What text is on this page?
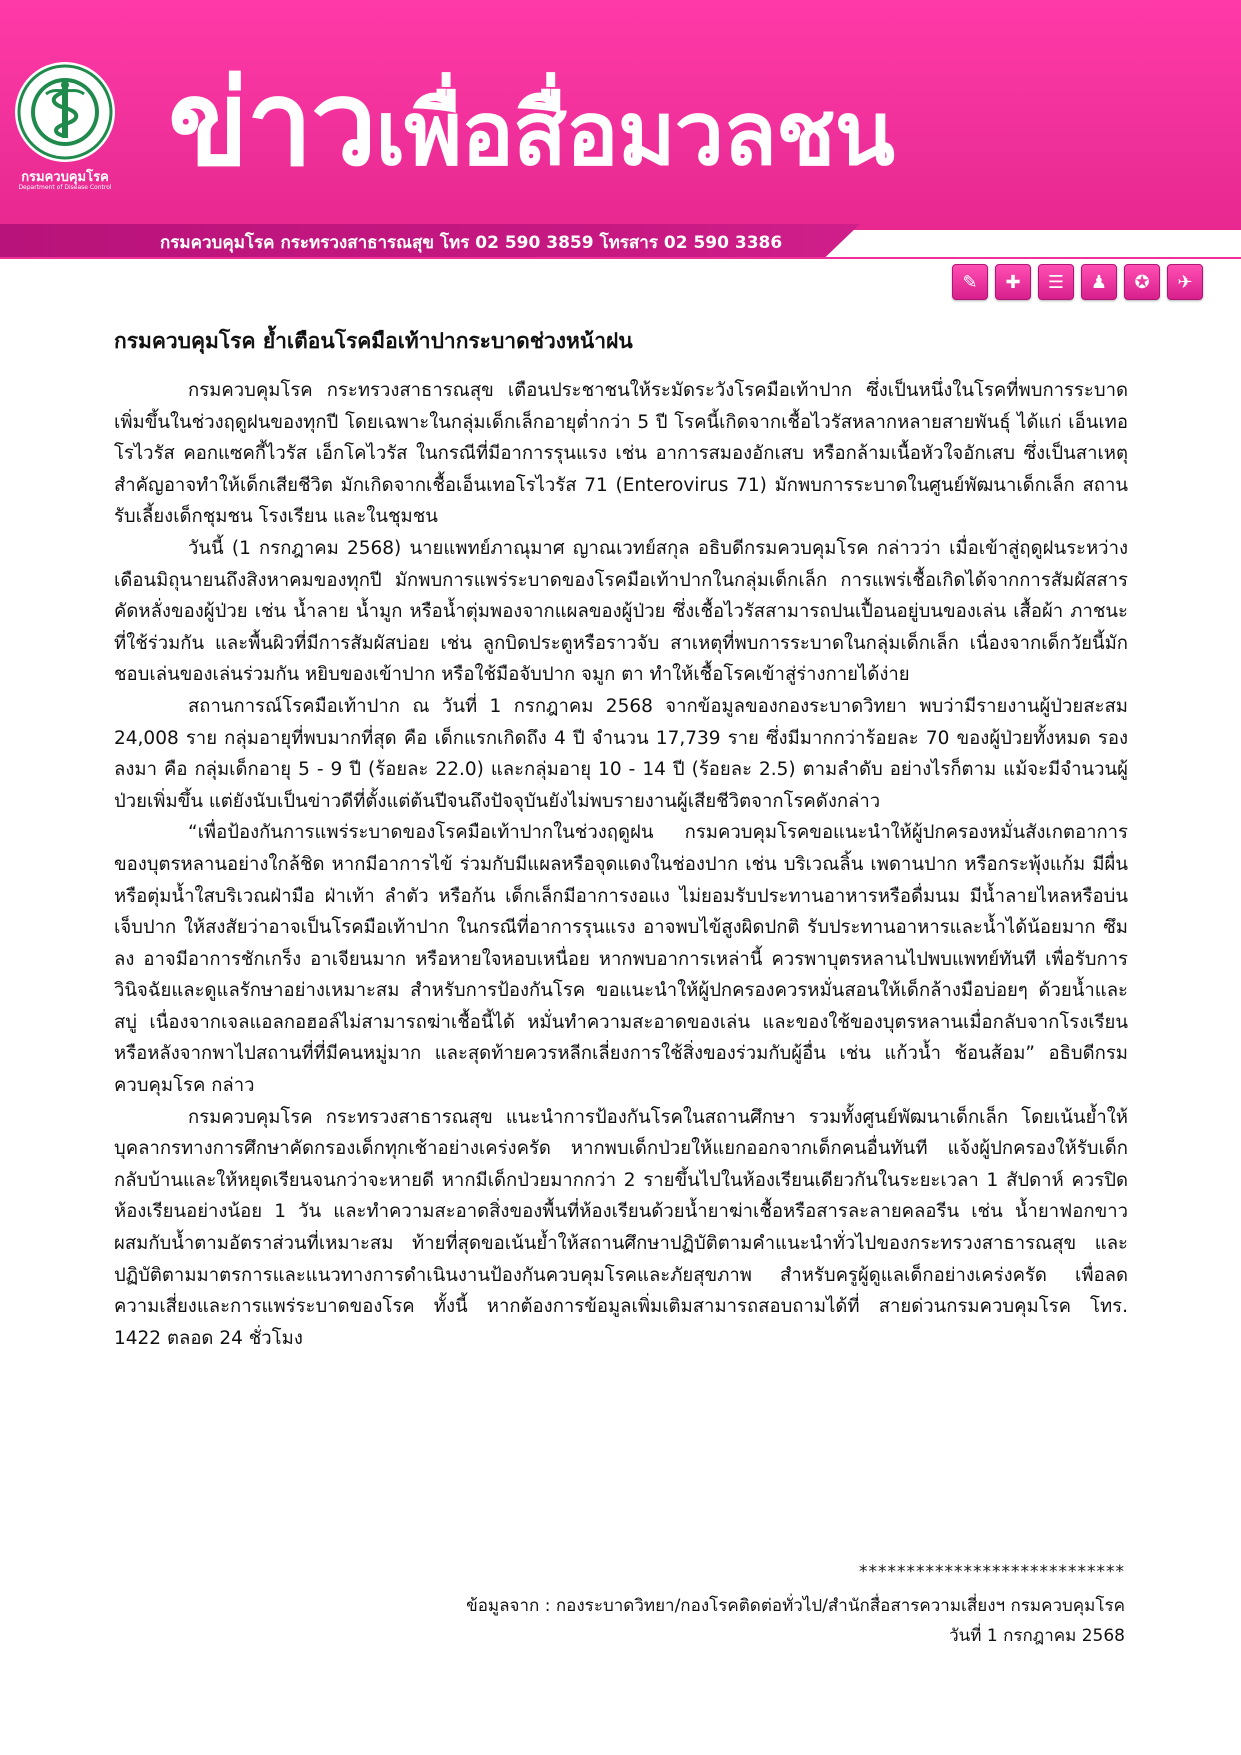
กรมควบคุมโรค
Department of Disease Control ข่าวเพื่อสื่อมวลชน
กรมควบคุมโรค กระทรวงสาธารณสุข โทร 02 590 3859 โทรสาร 02 590 3386
✎	✚	☰	♟	✪	✈
กรมควบคุมโรค ย้ำเตือนโรคมือเท้าปากระบาดช่วงหน้าฝน

กรมควบคุมโรค กระทรวงสาธารณสุข เตือนประชาชนให้ระมัดระวังโรคมือเท้าปาก ซึ่งเป็นหนึ่งในโรคที่พบการระบาดเพิ่มขึ้นในช่วงฤดูฝนของทุกปี โดยเฉพาะในกลุ่มเด็กเล็กอายุต่ำกว่า 5 ปี โรคนี้เกิดจากเชื้อไวรัสหลากหลายสายพันธุ์ ได้แก่ เอ็นเทอโรไวรัส คอกแซคกี้ไวรัส เอ็กโคไวรัส ในกรณีที่มีอาการรุนแรง เช่น อาการสมองอักเสบ หรือกล้ามเนื้อหัวใจอักเสบ ซึ่งเป็นสาเหตุสำคัญอาจทำให้เด็กเสียชีวิต มักเกิดจากเชื้อเอ็นเทอโรไวรัส 71 (Enterovirus 71) มักพบการระบาดในศูนย์พัฒนาเด็กเล็ก สถานรับเลี้ยงเด็กชุมชน โรงเรียน และในชุมชน

วันนี้ (1 กรกฎาคม 2568) นายแพทย์ภาณุมาศ ญาณเวทย์สกุล อธิบดีกรมควบคุมโรค กล่าวว่า เมื่อเข้าสู่ฤดูฝนระหว่างเดือนมิถุนายนถึงสิงหาคมของทุกปี มักพบการแพร่ระบาดของโรคมือเท้าปากในกลุ่มเด็กเล็ก การแพร่เชื้อเกิดได้จากการสัมผัสสารคัดหลั่งของผู้ป่วย เช่น น้ำลาย น้ำมูก หรือน้ำตุ่มพองจากแผลของผู้ป่วย ซึ่งเชื้อไวรัสสามารถปนเปื้อนอยู่บนของเล่น เสื้อผ้า ภาชนะที่ใช้ร่วมกัน และพื้นผิวที่มีการสัมผัสบ่อย เช่น ลูกบิดประตูหรือราวจับ สาเหตุที่พบการระบาดในกลุ่มเด็กเล็ก เนื่องจากเด็กวัยนี้มักชอบเล่นของเล่นร่วมกัน หยิบของเข้าปาก หรือใช้มือจับปาก จมูก ตา ทำให้เชื้อโรคเข้าสู่ร่างกายได้ง่าย

สถานการณ์โรคมือเท้าปาก ณ วันที่ 1 กรกฎาคม 2568 จากข้อมูลของกองระบาดวิทยา พบว่ามีรายงานผู้ป่วยสะสม 24,008 ราย กลุ่มอายุที่พบมากที่สุด คือ เด็กแรกเกิดถึง 4 ปี จำนวน 17,739 ราย ซึ่งมีมากกว่าร้อยละ 70 ของผู้ป่วยทั้งหมด รองลงมา คือ กลุ่มเด็กอายุ 5 - 9 ปี (ร้อยละ 22.0) และกลุ่มอายุ 10 - 14 ปี (ร้อยละ 2.5) ตามลำดับ อย่างไรก็ตาม แม้จะมีจำนวนผู้ป่วยเพิ่มขึ้น แต่ยังนับเป็นข่าวดีที่ตั้งแต่ต้นปีจนถึงปัจจุบันยังไม่พบรายงานผู้เสียชีวิตจากโรคดังกล่าว

“เพื่อป้องกันการแพร่ระบาดของโรคมือเท้าปากในช่วงฤดูฝน กรมควบคุมโรคขอแนะนำให้ผู้ปกครองหมั่นสังเกตอาการของบุตรหลานอย่างใกล้ชิด หากมีอาการไข้ ร่วมกับมีแผลหรือจุดแดงในช่องปาก เช่น บริเวณลิ้น เพดานปาก หรือกระพุ้งแก้ม มีผื่นหรือตุ่มน้ำใสบริเวณฝ่ามือ ฝ่าเท้า ลำตัว หรือก้น เด็กเล็กมีอาการงอแง ไม่ยอมรับประทานอาหารหรือดื่มนม มีน้ำลายไหลหรือบ่นเจ็บปาก ให้สงสัยว่าอาจเป็นโรคมือเท้าปาก ในกรณีที่อาการรุนแรง อาจพบไข้สูงผิดปกติ รับประทานอาหารและน้ำได้น้อยมาก ซึมลง อาจมีอาการชักเกร็ง อาเจียนมาก หรือหายใจหอบเหนื่อย หากพบอาการเหล่านี้ ควรพาบุตรหลานไปพบแพทย์ทันที เพื่อรับการวินิจฉัยและดูแลรักษาอย่างเหมาะสม สำหรับการป้องกันโรค ขอแนะนำให้ผู้ปกครองควรหมั่นสอนให้เด็กล้างมือบ่อยๆ ด้วยน้ำและสบู่ เนื่องจากเจลแอลกอฮอล์ไม่สามารถฆ่าเชื้อนี้ได้ หมั่นทำความสะอาดของเล่น และของใช้ของบุตรหลานเมื่อกลับจากโรงเรียน หรือหลังจากพาไปสถานที่ที่มีคนหมู่มาก และสุดท้ายควรหลีกเลี่ยงการใช้สิ่งของร่วมกับผู้อื่น เช่น แก้วน้ำ ช้อนส้อม” อธิบดีกรมควบคุมโรค กล่าว

กรมควบคุมโรค กระทรวงสาธารณสุข แนะนำการป้องกันโรคในสถานศึกษา รวมทั้งศูนย์พัฒนาเด็กเล็ก โดยเน้นย้ำให้บุคลากรทางการศึกษาคัดกรองเด็กทุกเช้าอย่างเคร่งครัด หากพบเด็กป่วยให้แยกออกจากเด็กคนอื่นทันที แจ้งผู้ปกครองให้รับเด็กกลับบ้านและให้หยุดเรียนจนกว่าจะหายดี หากมีเด็กป่วยมากกว่า 2 รายขึ้นไปในห้องเรียนเดียวกันในระยะเวลา 1 สัปดาห์ ควรปิดห้องเรียนอย่างน้อย 1 วัน และทำความสะอาดสิ่งของพื้นที่ห้องเรียนด้วยน้ำยาฆ่าเชื้อหรือสารละลายคลอรีน เช่น น้ำยาฟอกขาวผสมกับน้ำตามอัตราส่วนที่เหมาะสม ท้ายที่สุดขอเน้นย้ำให้สถานศึกษาปฏิบัติตามคำแนะนำทั่วไปของกระทรวงสาธารณสุข และปฏิบัติตามมาตรการและแนวทางการดำเนินงานป้องกันควบคุมโรคและภัยสุขภาพ สำหรับครูผู้ดูแลเด็กอย่างเคร่งครัด เพื่อลดความเสี่ยงและการแพร่ระบาดของโรค ทั้งนี้ หากต้องการข้อมูลเพิ่มเติมสามารถสอบถามได้ที่ สายด่วนกรมควบคุมโรค โทร. 1422 ตลอด 24 ชั่วโมง

****************************
ข้อมูลจาก : กองระบาดวิทยา/กองโรคติดต่อทั่วไป/สำนักสื่อสารความเสี่ยงฯ กรมควบคุมโรค
วันที่ 1 กรกฎาคม 2568
